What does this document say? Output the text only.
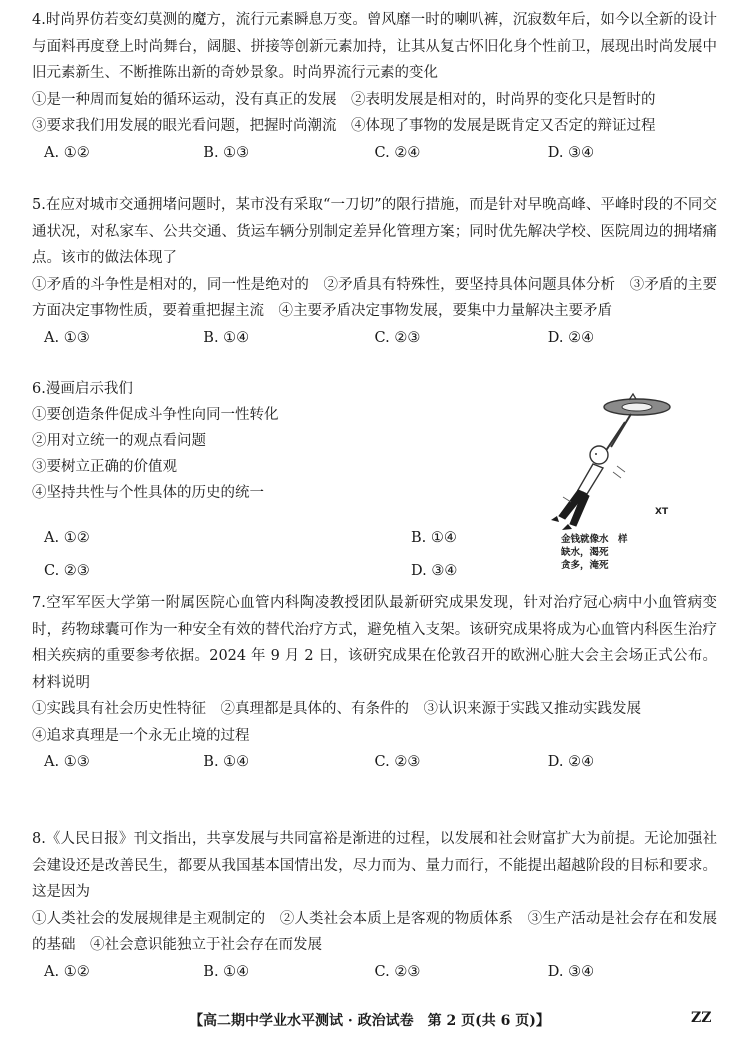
4.时尚界仿若变幻莫测的魔方，流行元素瞬息万变。曾风靡一时的喇叭裤，沉寂数年后，如今以全新的设计与面料再度登上时尚舞台，阔腿、拼接等创新元素加持，让其从复古怀旧化身个性前卫，展现出时尚发展中旧元素新生、不断推陈出新的奇妙景象。时尚界流行元素的变化

①是一种周而复始的循环运动，没有真正的发展　②表明发展是相对的，时尚界的变化只是暂时的

③要求我们用发展的眼光看问题，把握时尚潮流　④体现了事物的发展是既肯定又否定的辩证过程

A. ①②	B. ①③	C. ②④	D. ③④

5.在应对城市交通拥堵问题时，某市没有采取“一刀切”的限行措施，而是针对早晚高峰、平峰时段的不同交通状况，对私家车、公共交通、货运车辆分别制定差异化管理方案；同时优先解决学校、医院周边的拥堵痛点。该市的做法体现了

①矛盾的斗争性是相对的，同一性是绝对的　②矛盾具有特殊性，要坚持具体问题具体分析　③矛盾的主要方面决定事物性质，要着重把握主流　④主要矛盾决定事物发展，要集中力量解决主要矛盾

A. ①③	B. ①④	C. ②③	D. ②④

6.漫画启示我们

①要创造条件促成斗争性向同一性转化

②用对立统一的观点看问题

③要树立正确的价值观

④坚持共性与个性具体的历史的统一

A. ①②	B. ①④
C. ②③	D. ③④
XT
金钱就像水　样
缺水，渴死
贪多，淹死

7.空军军医大学第一附属医院心血管内科陶凌教授团队最新研究成果发现，针对治疗冠心病中小血管病变时，药物球囊可作为一种安全有效的替代治疗方式，避免植入支架。该研究成果将成为心血管内科医生治疗相关疾病的重要参考依据。2024 年 9 月 2 日，该研究成果在伦敦召开的欧洲心脏大会主会场正式公布。材料说明

①实践具有社会历史性特征　②真理都是具体的、有条件的　③认识来源于实践又推动实践发展

④追求真理是一个永无止境的过程

A. ①③	B. ①④	C. ②③	D. ②④

8.《人民日报》刊文指出，共享发展与共同富裕是渐进的过程，以发展和社会财富扩大为前提。无论加强社会建设还是改善民生，都要从我国基本国情出发，尽力而为、量力而行，不能提出超越阶段的目标和要求。这是因为

①人类社会的发展规律是主观制定的　②人类社会本质上是客观的物质体系　③生产活动是社会存在和发展的基础　④社会意识能独立于社会存在而发展

A. ①②	B. ①④	C. ②③	D. ③④
【高二期中学业水平测试 · 政治试卷　第 2 页(共 6 页)】	ZZ
